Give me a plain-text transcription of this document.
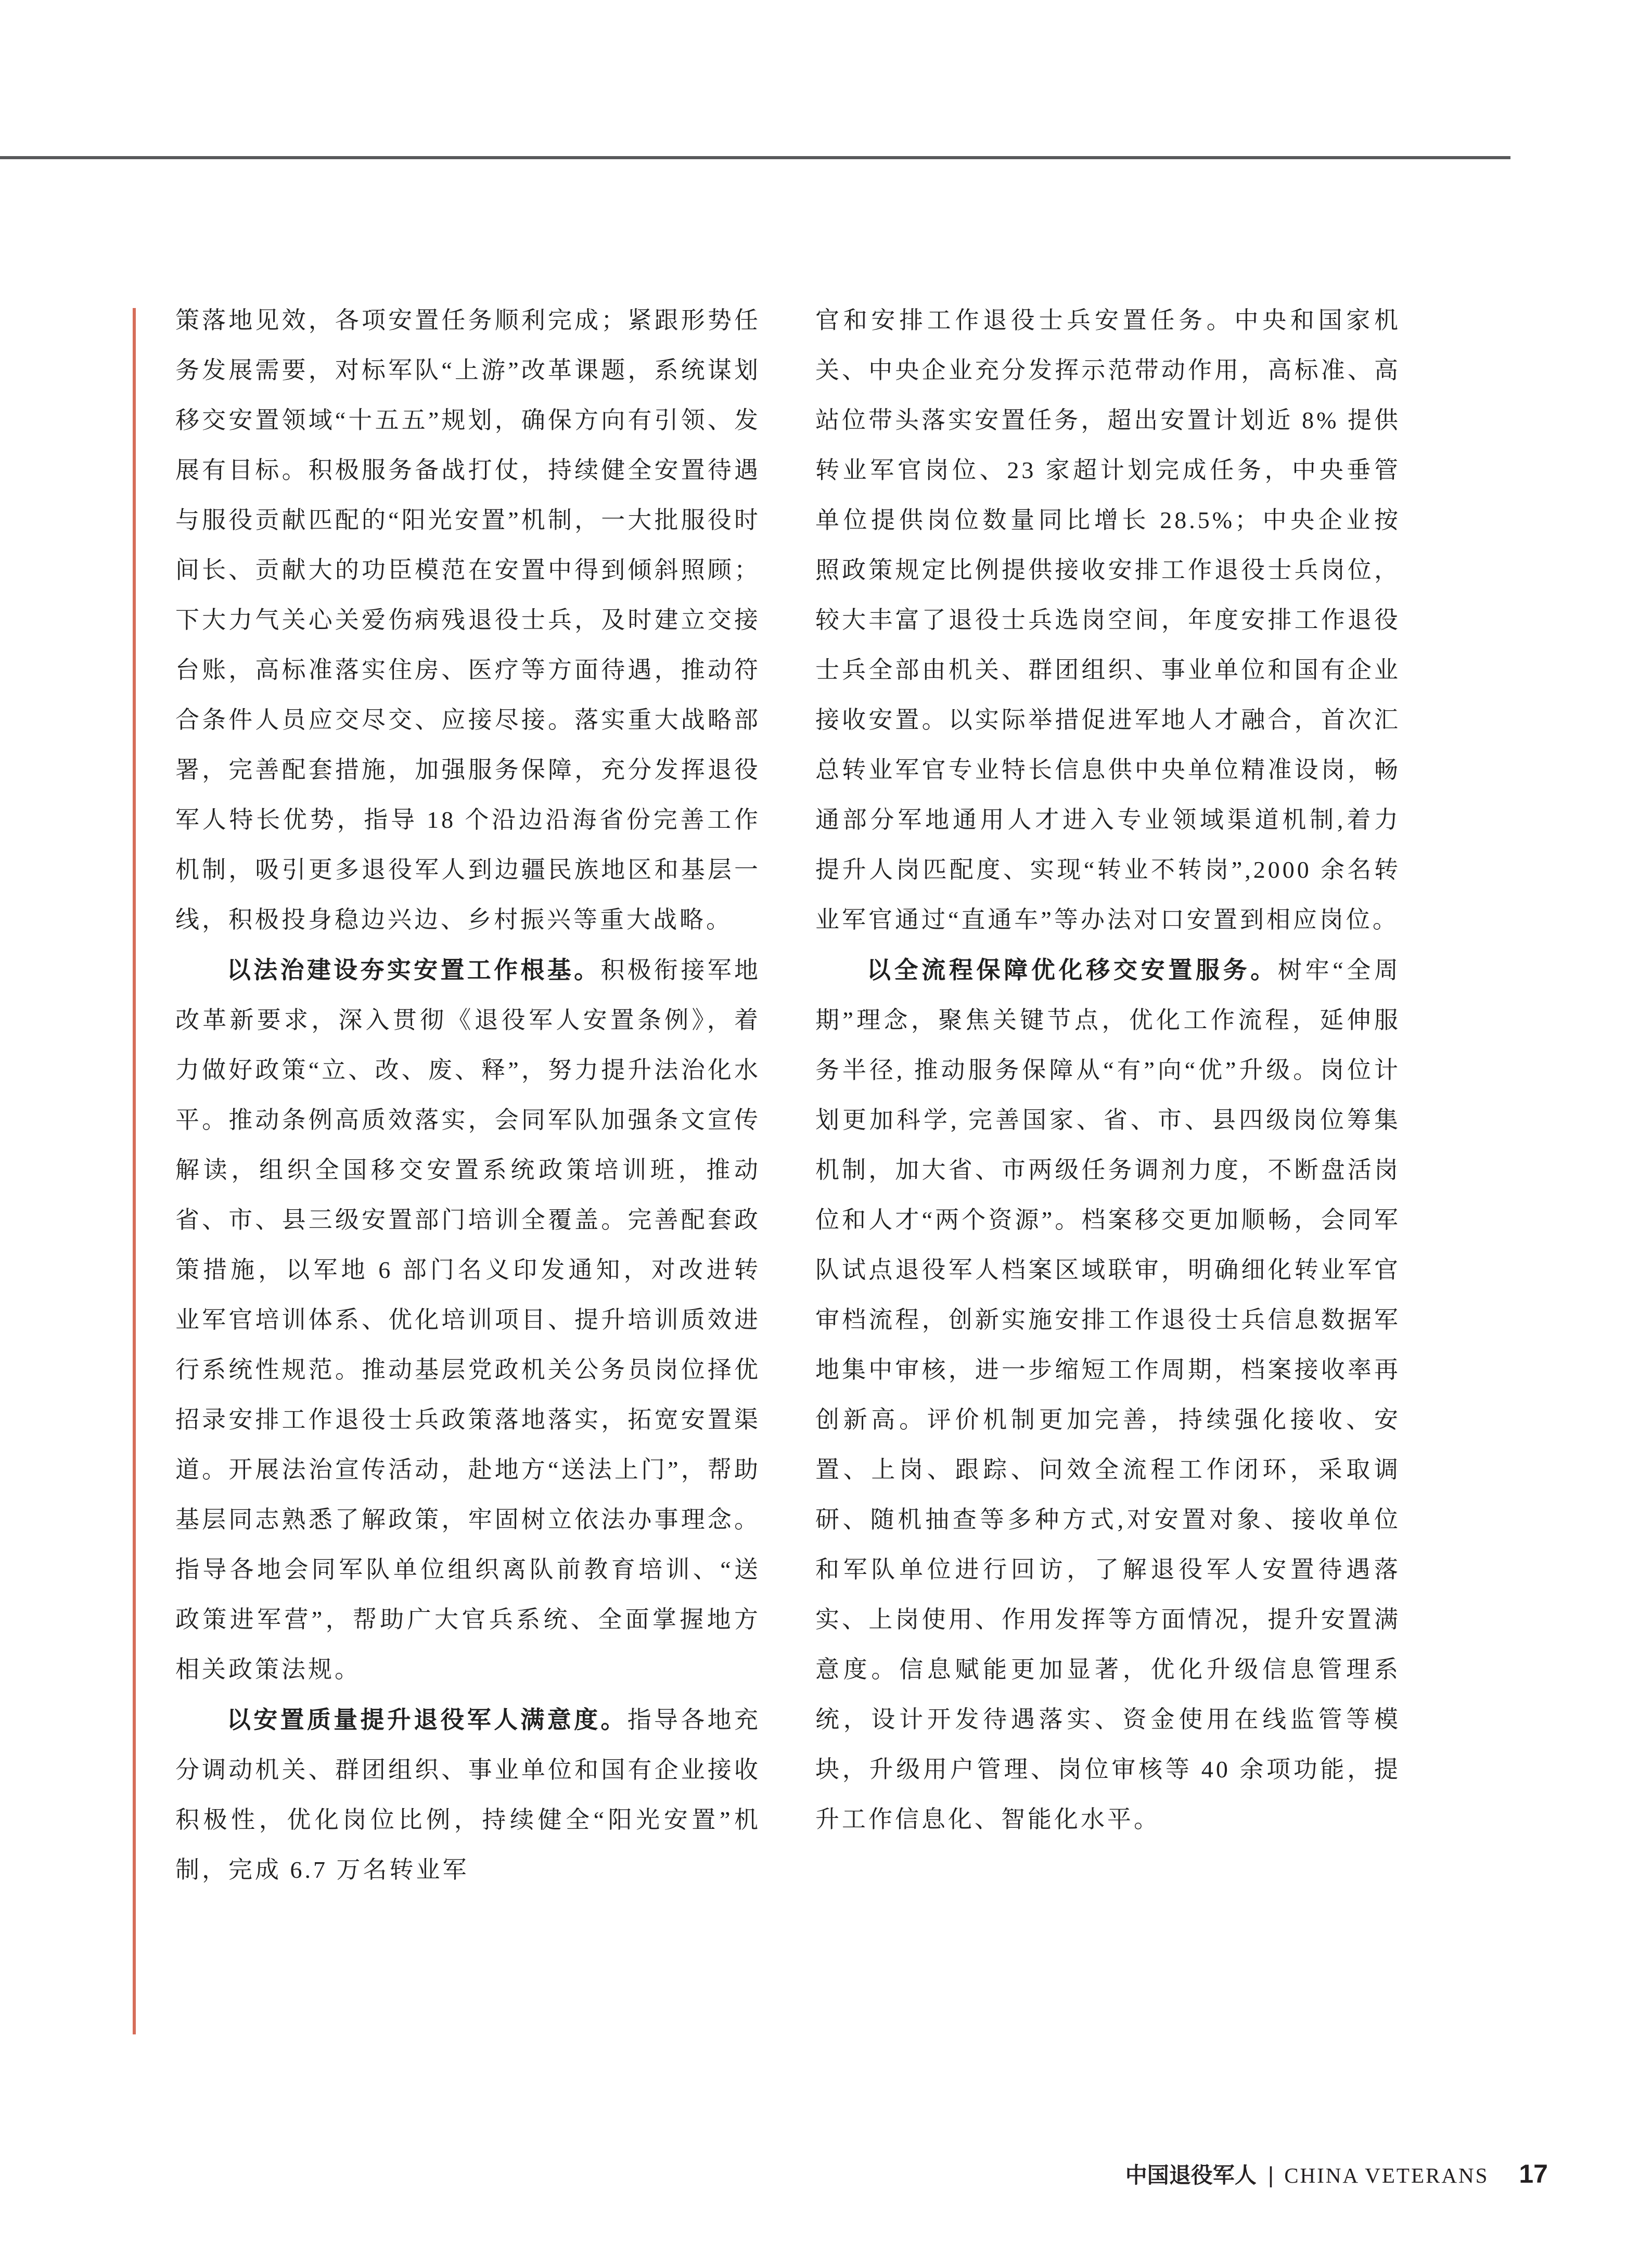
策落地见效，各项安置任务顺利完成；紧跟形势任务发展需要，对标军队“上游”改革课题，系统谋划移交安置领域“十五五”规划，确保方向有引领、发展有目标。积极服务备战打仗，持续健全安置待遇与服役贡献匹配的“阳光安置”机制，一大批服役时间长、贡献大的功臣模范在安置中得到倾斜照顾；下大力气关心关爱伤病残退役士兵，及时建立交接台账，高标准落实住房、医疗等方面待遇，推动符合条件人员应交尽交、应接尽接。落实重大战略部署，完善配套措施，加强服务保障，充分发挥退役军人特长优势，指导 18 个沿边沿海省份完善工作机制，吸引更多退役军人到边疆民族地区和基层一线，积极投身稳边兴边、乡村振兴等重大战略。

以法治建设夯实安置工作根基。积极衔接军地改革新要求，深入贯彻《退役军人安置条例》，着力做好政策“立、改、废、释”，努力提升法治化水平。推动条例高质效落实，会同军队加强条文宣传解读，组织全国移交安置系统政策培训班，推动省、市、县三级安置部门培训全覆盖。完善配套政策措施，以军地 6 部门名义印发通知，对改进转业军官培训体系、优化培训项目、提升培训质效进行系统性规范。推动基层党政机关公务员岗位择优招录安排工作退役士兵政策落地落实，拓宽安置渠道。开展法治宣传活动，赴地方“送法上门”，帮助基层同志熟悉了解政策，牢固树立依法办事理念。指导各地会同军队单位组织离队前教育培训、“送政策进军营”，帮助广大官兵系统、全面掌握地方相关政策法规。

以安置质量提升退役军人满意度。指导各地充分调动机关、群团组织、事业单位和国有企业接收积极性，优化岗位比例，持续健全“阳光安置”机制，完成 6.7 万名转业军

官和安排工作退役士兵安置任务。中央和国家机关、中央企业充分发挥示范带动作用，高标准、高站位带头落实安置任务，超出安置计划近 8% 提供转业军官岗位、23 家超计划完成任务，中央垂管单位提供岗位数量同比增长 28.5%；中央企业按照政策规定比例提供接收安排工作退役士兵岗位，较大丰富了退役士兵选岗空间，年度安排工作退役士兵全部由机关、群团组织、事业单位和国有企业接收安置。以实际举措促进军地人才融合，首次汇总转业军官专业特长信息供中央单位精准设岗，畅通部分军地通用人才进入专业领域渠道机制,着力提升人岗匹配度、实现“转业不转岗”,2000 余名转业军官通过“直通车”等办法对口安置到相应岗位。

以全流程保障优化移交安置服务。树牢“全周期”理念，聚焦关键节点，优化工作流程，延伸服务半径, 推动服务保障从“有”向“优”升级。岗位计划更加科学, 完善国家、省、市、县四级岗位筹集机制，加大省、市两级任务调剂力度，不断盘活岗位和人才“两个资源”。档案移交更加顺畅，会同军队试点退役军人档案区域联审，明确细化转业军官审档流程，创新实施安排工作退役士兵信息数据军地集中审核，进一步缩短工作周期，档案接收率再创新高。评价机制更加完善，持续强化接收、安置、上岗、跟踪、问效全流程工作闭环，采取调研、随机抽查等多种方式,对安置对象、接收单位和军队单位进行回访，了解退役军人安置待遇落实、上岗使用、作用发挥等方面情况，提升安置满意度。信息赋能更加显著，优化升级信息管理系统，设计开发待遇落实、资金使用在线监管等模块，升级用户管理、岗位审核等 40 余项功能，提升工作信息化、智能化水平。

中国退役军人 | CHINA VETERANS 17
